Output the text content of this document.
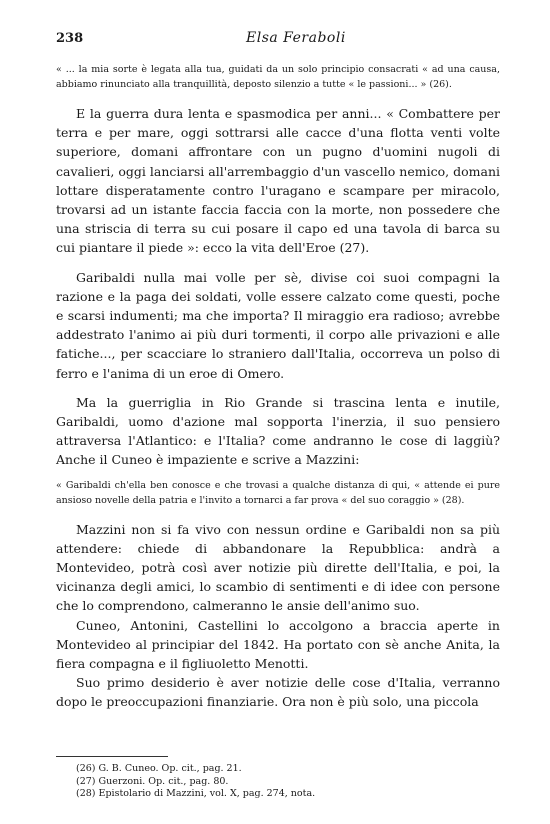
238	Elsa Feraboli
« ... la mia sorte è legata alla tua, guidati da un solo principio consacrati « ad una causa, abbiamo rinunciato alla tranquillità, deposto silenzio a tutte « le passioni... » (26).

E la guerra dura lenta e spasmodica per anni... « Combattere per terra e per mare, oggi sottrarsi alle cacce d'una flotta venti volte superiore, domani affrontare con un pugno d'uomini nugoli di cavalieri, oggi lanciarsi all'arrembaggio d'un vascello nemico, domani lottare disperatamente contro l'uragano e scampare per miracolo, trovarsi ad un istante faccia faccia con la morte, non possedere che una striscia di terra su cui posare il capo ed una tavola di barca su cui piantare il piede »: ecco la vita dell'Eroe (27).

Garibaldi nulla mai volle per sè, divise coi suoi compagni la razione e la paga dei soldati, volle essere calzato come questi, poche e scarsi indumenti; ma che importa? Il miraggio era radioso; avrebbe addestrato l'animo ai più duri tormenti, il corpo alle privazioni e alle fatiche..., per scacciare lo straniero dall'Italia, occorreva un polso di ferro e l'anima di un eroe di Omero.

Ma la guerriglia in Rio Grande si trascina lenta e inutile, Garibaldi, uomo d'azione mal sopporta l'inerzia, il suo pensiero attraversa l'Atlantico: e l'Italia? come andranno le cose di laggiù? Anche il Cuneo è impaziente e scrive a Mazzini:

« Garibaldi ch'ella ben conosce e che trovasi a qualche distanza di qui, « attende ei pure ansioso novelle della patria e l'invito a tornarci a far prova « del suo coraggio » (28).

Mazzini non si fa vivo con nessun ordine e Garibaldi non sa più attendere: chiede di abbandonare la Repubblica: andrà a Montevideo, potrà così aver notizie più dirette dell'Italia, e poi, la vicinanza degli amici, lo scambio di sentimenti e di idee con persone che lo comprendono, calmeranno le ansie dell'animo suo.

Cuneo, Antonini, Castellini lo accolgono a braccia aperte in Montevideo al principiar del 1842. Ha portato con sè anche Anita, la fiera compagna e il figliuoletto Menotti.

Suo primo desiderio è aver notizie delle cose d'Italia, verranno dopo le preoccupazioni finanziarie. Ora non è più solo, una piccola

(26) G. B. Cuneo. Op. cit., pag. 21.
(27) Guerzoni. Op. cit., pag. 80.
(28) Epistolario di Mazzini, vol. X, pag. 274, nota.
